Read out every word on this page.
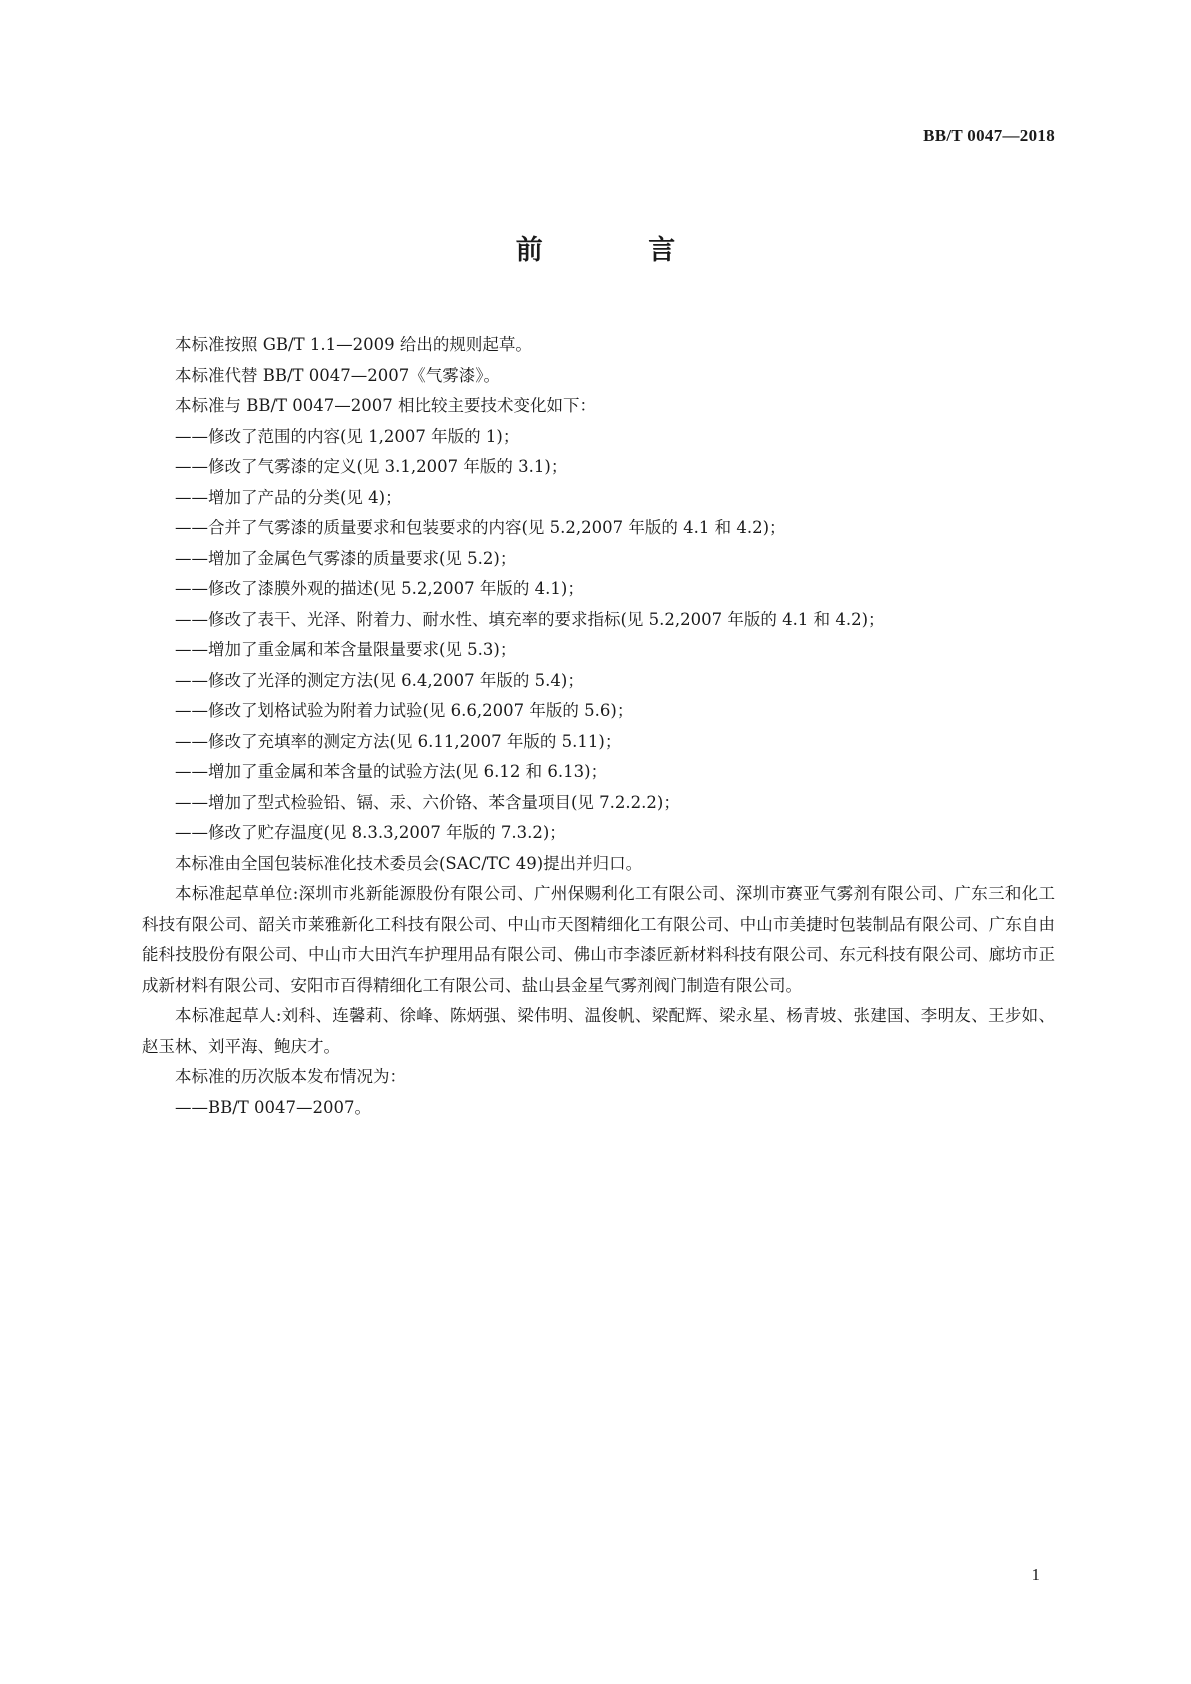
BB/T 0047—2018
前 言
本标准按照 GB/T 1.1—2009 给出的规则起草。
本标准代替 BB/T 0047—2007《气雾漆》。
本标准与 BB/T 0047—2007 相比较主要技术变化如下：
——修改了范围的内容(见 1,2007 年版的 1)；
——修改了气雾漆的定义(见 3.1,2007 年版的 3.1)；
——增加了产品的分类(见 4)；
——合并了气雾漆的质量要求和包装要求的内容(见 5.2,2007 年版的 4.1 和 4.2)；
——增加了金属色气雾漆的质量要求(见 5.2)；
——修改了漆膜外观的描述(见 5.2,2007 年版的 4.1)；
——修改了表干、光泽、附着力、耐水性、填充率的要求指标(见 5.2,2007 年版的 4.1 和 4.2)；
——增加了重金属和苯含量限量要求(见 5.3)；
——修改了光泽的测定方法(见 6.4,2007 年版的 5.4)；
——修改了划格试验为附着力试验(见 6.6,2007 年版的 5.6)；
——修改了充填率的测定方法(见 6.11,2007 年版的 5.11)；
——增加了重金属和苯含量的试验方法(见 6.12 和 6.13)；
——增加了型式检验铅、镉、汞、六价铬、苯含量项目(见 7.2.2.2)；
——修改了贮存温度(见 8.3.3,2007 年版的 7.3.2)；
本标准由全国包装标准化技术委员会(SAC/TC 49)提出并归口。
本标准起草单位:深圳市兆新能源股份有限公司、广州保赐利化工有限公司、深圳市赛亚气雾剂有限公司、广东三和化工科技有限公司、韶关市莱雅新化工科技有限公司、中山市天图精细化工有限公司、中山市美捷时包装制品有限公司、广东自由能科技股份有限公司、中山市大田汽车护理用品有限公司、佛山市李漆匠新材料科技有限公司、东元科技有限公司、廊坊市正成新材料有限公司、安阳市百得精细化工有限公司、盐山县金星气雾剂阀门制造有限公司。
本标准起草人:刘科、连馨莉、徐峰、陈炳强、梁伟明、温俊帆、梁配辉、梁永星、杨青坡、张建国、李明友、王步如、赵玉林、刘平海、鲍庆才。
本标准的历次版本发布情况为：
——BB/T 0047—2007。
1
